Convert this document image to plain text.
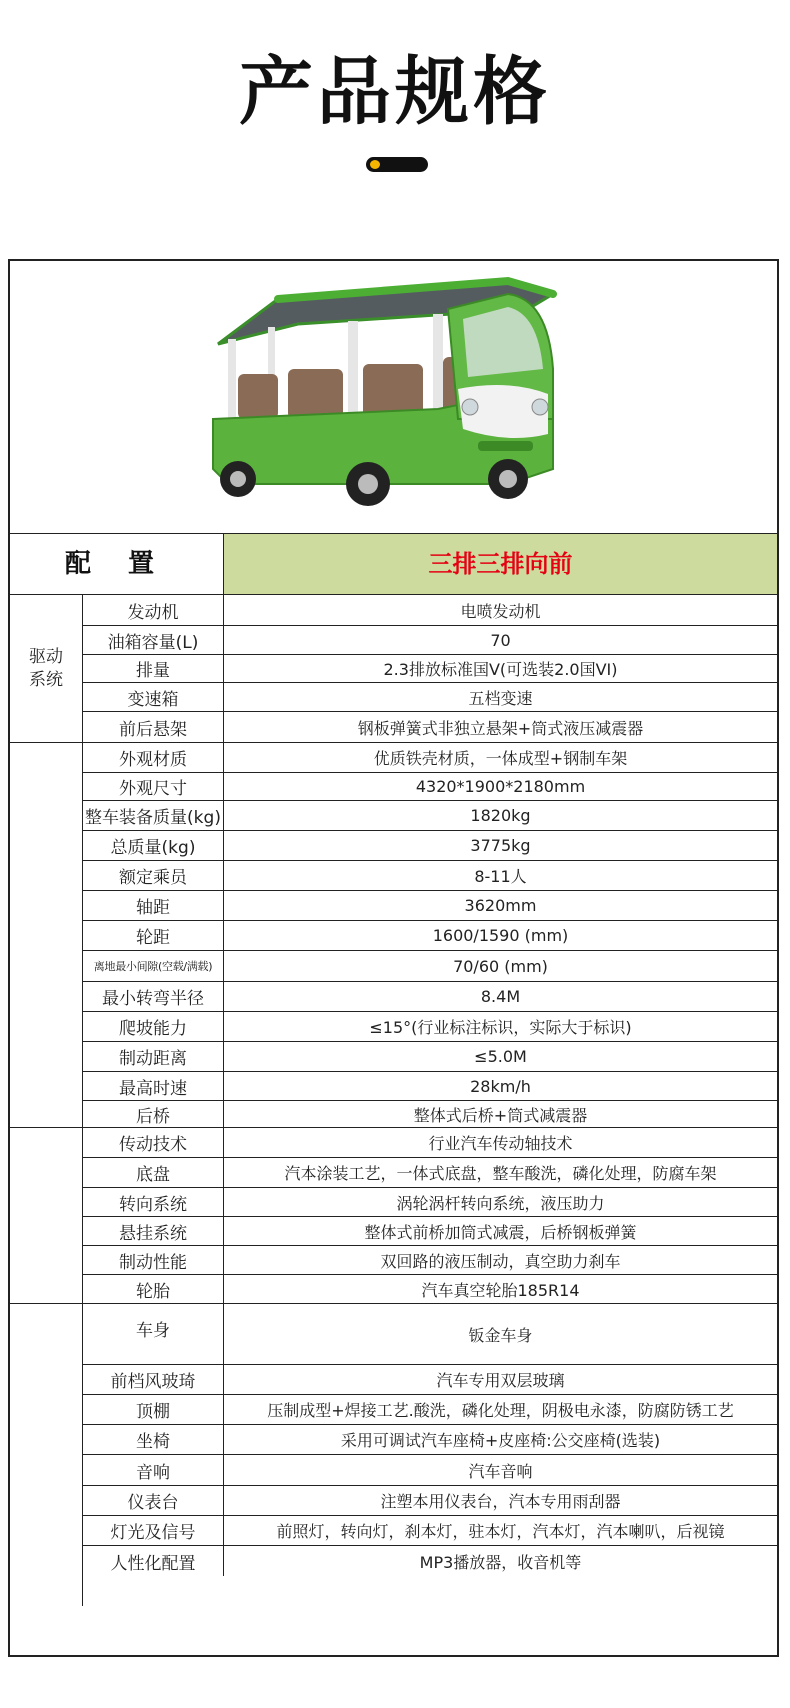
产品规格
配 置	三排三排向前
驱动
系统
发动机	电喷发动机
油箱容量(L)	70
排量	2.3排放标准国V(可选装2.0国VI)
变速箱	五档变速
前后悬架	钢板弹簧式非独立悬架+筒式液压减震器
外观材质	优质铁壳材质，一体成型+钢制车架
外观尺寸	4320*1900*2180mm
整车装备质量(kg)	1820kg
总质量(kg)	3775kg
额定乘员	8-11人
轴距	3620mm
轮距	1600/1590 (mm)
离地最小间隙(空载/满载)	70/60 (mm)
最小转弯半径	8.4M
爬坡能力	≤15°(行业标注标识，实际大于标识)
制动距离	≤5.0M
最高时速	28km/h
后桥	整体式后桥+筒式减震器
传动技术	行业汽车传动轴技术
底盘	汽本涂装工艺，一体式底盘，整车酸洗，磷化处理，防腐车架
转向系统	涡轮涡杆转向系统，液压助力
悬挂系统	整体式前桥加筒式减震，后桥钢板弹簧
制动性能	双回路的液压制动，真空助力刹车
轮胎	汽车真空轮胎185R14
车身	钣金车身
前档风玻琦	汽车专用双层玻璃
顶棚	压制成型+焊接工艺.酸洗，磷化处理，阴极电永漆，防腐防锈工艺
坐椅	采用可调试汽车座椅+皮座椅:公交座椅(选装)
音响	汽车音响
仪表台	注塑本用仪表台，汽本专用雨刮器
灯光及信号	前照灯，转向灯，刹本灯，驻本灯，汽本灯，汽本喇叭，后视镜
人性化配置	MP3播放器，收音机等
